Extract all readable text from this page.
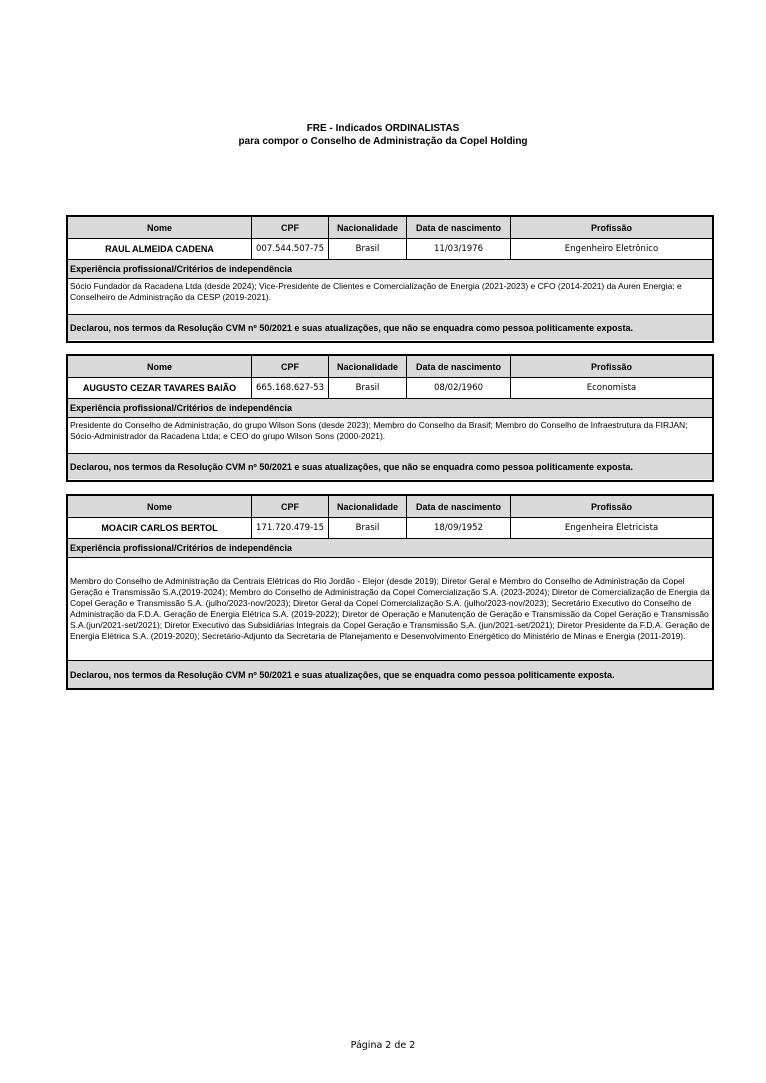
FRE - Indicados ORDINALISTAS
para compor o Conselho de Administração da Copel Holding
Nome	CPF	Nacionalidade	Data de nascimento	Profissão
RAUL ALMEIDA CADENA	007.544.507-75	Brasil	11/03/1976	Engenheiro Eletrônico
Experiência profissional/Critérios de independência
Sócio Fundador da Racadena Ltda (desde 2024); Vice-Presidente de Clientes e Comercialização de Energia (2021-2023) e CFO (2014-2021) da Auren Energia; e Conselheiro de Administração da CESP (2019-2021).
Declarou, nos termos da Resolução CVM nº 50/2021 e suas atualizações, que não se enquadra como pessoa politicamente exposta.
Nome	CPF	Nacionalidade	Data de nascimento	Profissão
AUGUSTO CEZAR TAVARES BAIÃO	665.168.627-53	Brasil	08/02/1960	Economista
Experiência profissional/Critérios de independência
Presidente do Conselho de Administração, do grupo Wilson Sons (desde 2023); Membro do Conselho da Brasif; Membro do Conselho de Infraestrutura da FIRJAN; Sócio-Administrador da Racadena Ltda; e CEO do grupo Wilson Sons (2000-2021).
Declarou, nos termos da Resolução CVM nº 50/2021 e suas atualizações, que não se enquadra como pessoa politicamente exposta.
Nome	CPF	Nacionalidade	Data de nascimento	Profissão
MOACIR CARLOS BERTOL	171.720.479-15	Brasil	18/09/1952	Engenheira Eletricista
Experiência profissional/Critérios de independência
Membro do Conselho de Administração da Centrais Elétricas do Rio Jordão - Elejor (desde 2019); Diretor Geral e Membro do Conselho de Administração da Copel Geração e Transmissão S.A.(2019-2024); Membro do Conselho de Administração da Copel Comercialização S.A. (2023-2024); Diretor de Comercialização de Energia da Copel Geração e Transmissão S.A. (julho/2023-nov/2023); Diretor Geral da Copel Comercialização S.A. (julho/2023-nov/2023); Secretário Executivo do Conselho de Administração da F.D.A. Geração de Energia Elétrica S.A. (2019-2022); Diretor de Operação e Manutenção de Geração e Transmissão da Copel Geração e Transmissão S.A.(jun/2021-set/2021); Diretor Executivo das Subsidiárias Integrais da Copel Geração e Transmissão S.A. (jun/2021-set/2021); Diretor Presidente da F.D.A. Geração de Energia Elétrica S.A. (2019-2020); Secretário-Adjunto da Secretaria de Planejamento e Desenvolvimento Energético do Ministério de Minas e Energia (2011-2019).
Declarou, nos termos da Resolução CVM nº 50/2021 e suas atualizações, que se enquadra como pessoa politicamente exposta.
Página 2 de 2
